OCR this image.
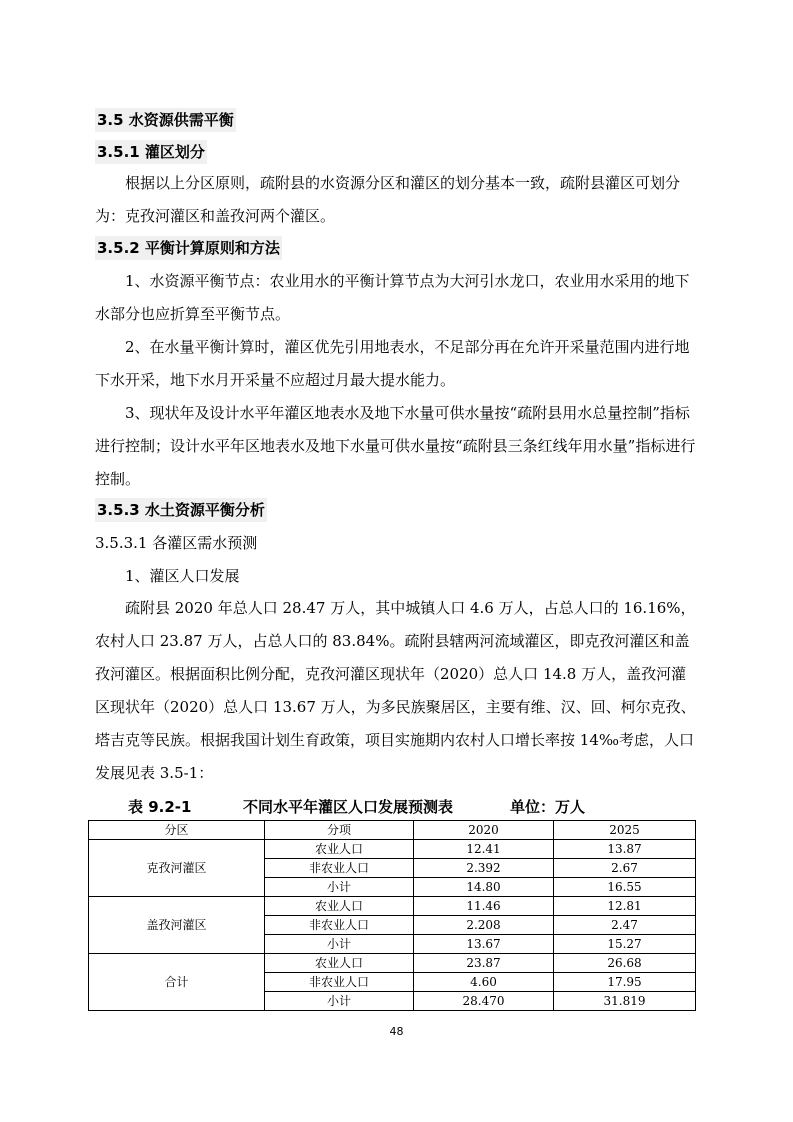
3.5 水资源供需平衡
3.5.1 灌区划分

根据以上分区原则，疏附县的水资源分区和灌区的划分基本一致，疏附县灌区可划分为：克孜河灌区和盖孜河两个灌区。

3.5.2 平衡计算原则和方法

1、水资源平衡节点：农业用水的平衡计算节点为大河引水龙口，农业用水采用的地下水部分也应折算至平衡节点。

2、在水量平衡计算时，灌区优先引用地表水，不足部分再在允许开采量范围内进行地下水开采，地下水月开采量不应超过月最大提水能力。

3、现状年及设计水平年灌区地表水及地下水量可供水量按“疏附县用水总量控制”指标进行控制；设计水平年区地表水及地下水量可供水量按“疏附县三条红线年用水量”指标进行控制。

3.5.3 水土资源平衡分析
3.5.3.1 各灌区需水预测
1、灌区人口发展

疏附县 2020 年总人口 28.47 万人，其中城镇人口 4.6 万人，占总人口的 16.16%，农村人口 23.87 万人，占总人口的 83.84%。疏附县辖两河流域灌区，即克孜河灌区和盖孜河灌区。根据面积比例分配，克孜河灌区现状年（2020）总人口 14.8 万人，盖孜河灌区现状年（2020）总人口 13.67 万人，为多民族聚居区，主要有维、汉、回、柯尔克孜、塔吉克等民族。根据我国计划生育政策，项目实施期内农村人口增长率按 14‰考虑，人口发展见表 3.5-1：

表 9.2-1	不同水平年灌区人口发展预测表	单位：万人
分区	分项	2020	2025
克孜河灌区	农业人口	12.41	13.87
	非农业人口	2.392	2.67
	小计	14.80	16.55
盖孜河灌区	农业人口	11.46	12.81
	非农业人口	2.208	2.47
	小计	13.67	15.27
合计	农业人口	23.87	26.68
	非农业人口	4.60	17.95
	小计	28.470	31.819
48
